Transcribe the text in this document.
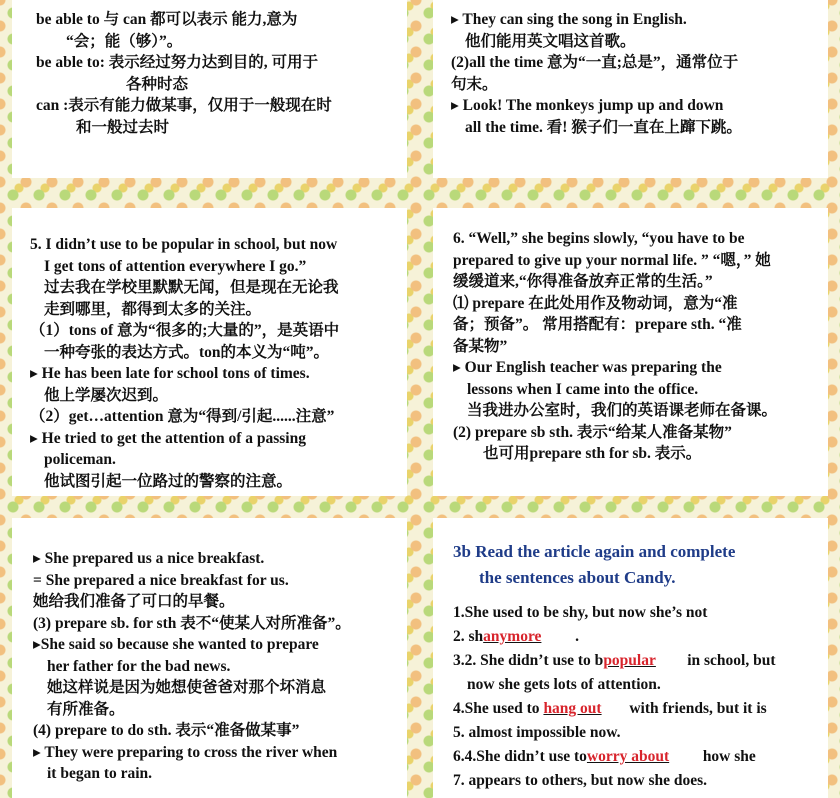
be able to 与 can 都可以表示 能力,意为
“会；能（够）”。
be able to: 表示经过努力达到目的, 可用于
各种时态
can :表示有能力做某事，仅用于一般现在时
和一般过去时
▸ They can sing the song in English.
他们能用英文唱这首歌。
(2)all the time 意为“一直;总是”，通常位于
句末。
▸ Look! The monkeys jump up and down
all the time. 看! 猴子们一直在上蹿下跳。
5. I didn’t use to be popular in school, but now
I get tons of attention everywhere I go.”
过去我在学校里默默无闻，但是现在无论我
走到哪里，都得到太多的关注。
（1）tons of 意为“很多的;大量的”，是英语中
一种夸张的表达方式。ton的本义为“吨”。
▸ He has been late for school tons of times.
他上学屡次迟到。
（2）get…attention 意为“得到/引起......注意”
▸ He tried to get the attention of a passing
policeman.
他试图引起一位路过的警察的注意。
6. “Well,” she begins slowly, “you have to be
prepared to give up your normal life. ” “嗯，” 她
缓缓道来,“你得准备放弃正常的生活。”
⑴ prepare 在此处用作及物动词，意为“准
备；预备”。 常用搭配有：prepare sth. “准
备某物”
▸ Our English teacher was preparing the
lessons when I came into the office.
当我进办公室时，我们的英语课老师在备课。
(2) prepare sb sth. 表示“给某人准备某物”
也可用prepare sth for sb. 表示。
▸ She prepared us a nice breakfast.
= She prepared a nice breakfast for us.
她给我们准备了可口的早餐。
(3) prepare sb. for sth 表不“使某人对所准备”。
▸She said so because she wanted to prepare
her father for the bad news.
她这样说是因为她想使爸爸对那个坏消息
有所准备。
(4) prepare to do sth. 表示“准备做某事”
▸ They were preparing to cross the river when
it began to rain.
3b Read the article again and complete
the sentences about Candy.
1.She used to be shy, but now she’s not
2. shanymore .
3.2. She didn’t use to bpopular in school, but
now she gets lots of attention.
4.She used to hang out with friends, but it is
5. almost impossible now.
6.4.She didn’t use toworry about how she
7. appears to others, but now she does.
